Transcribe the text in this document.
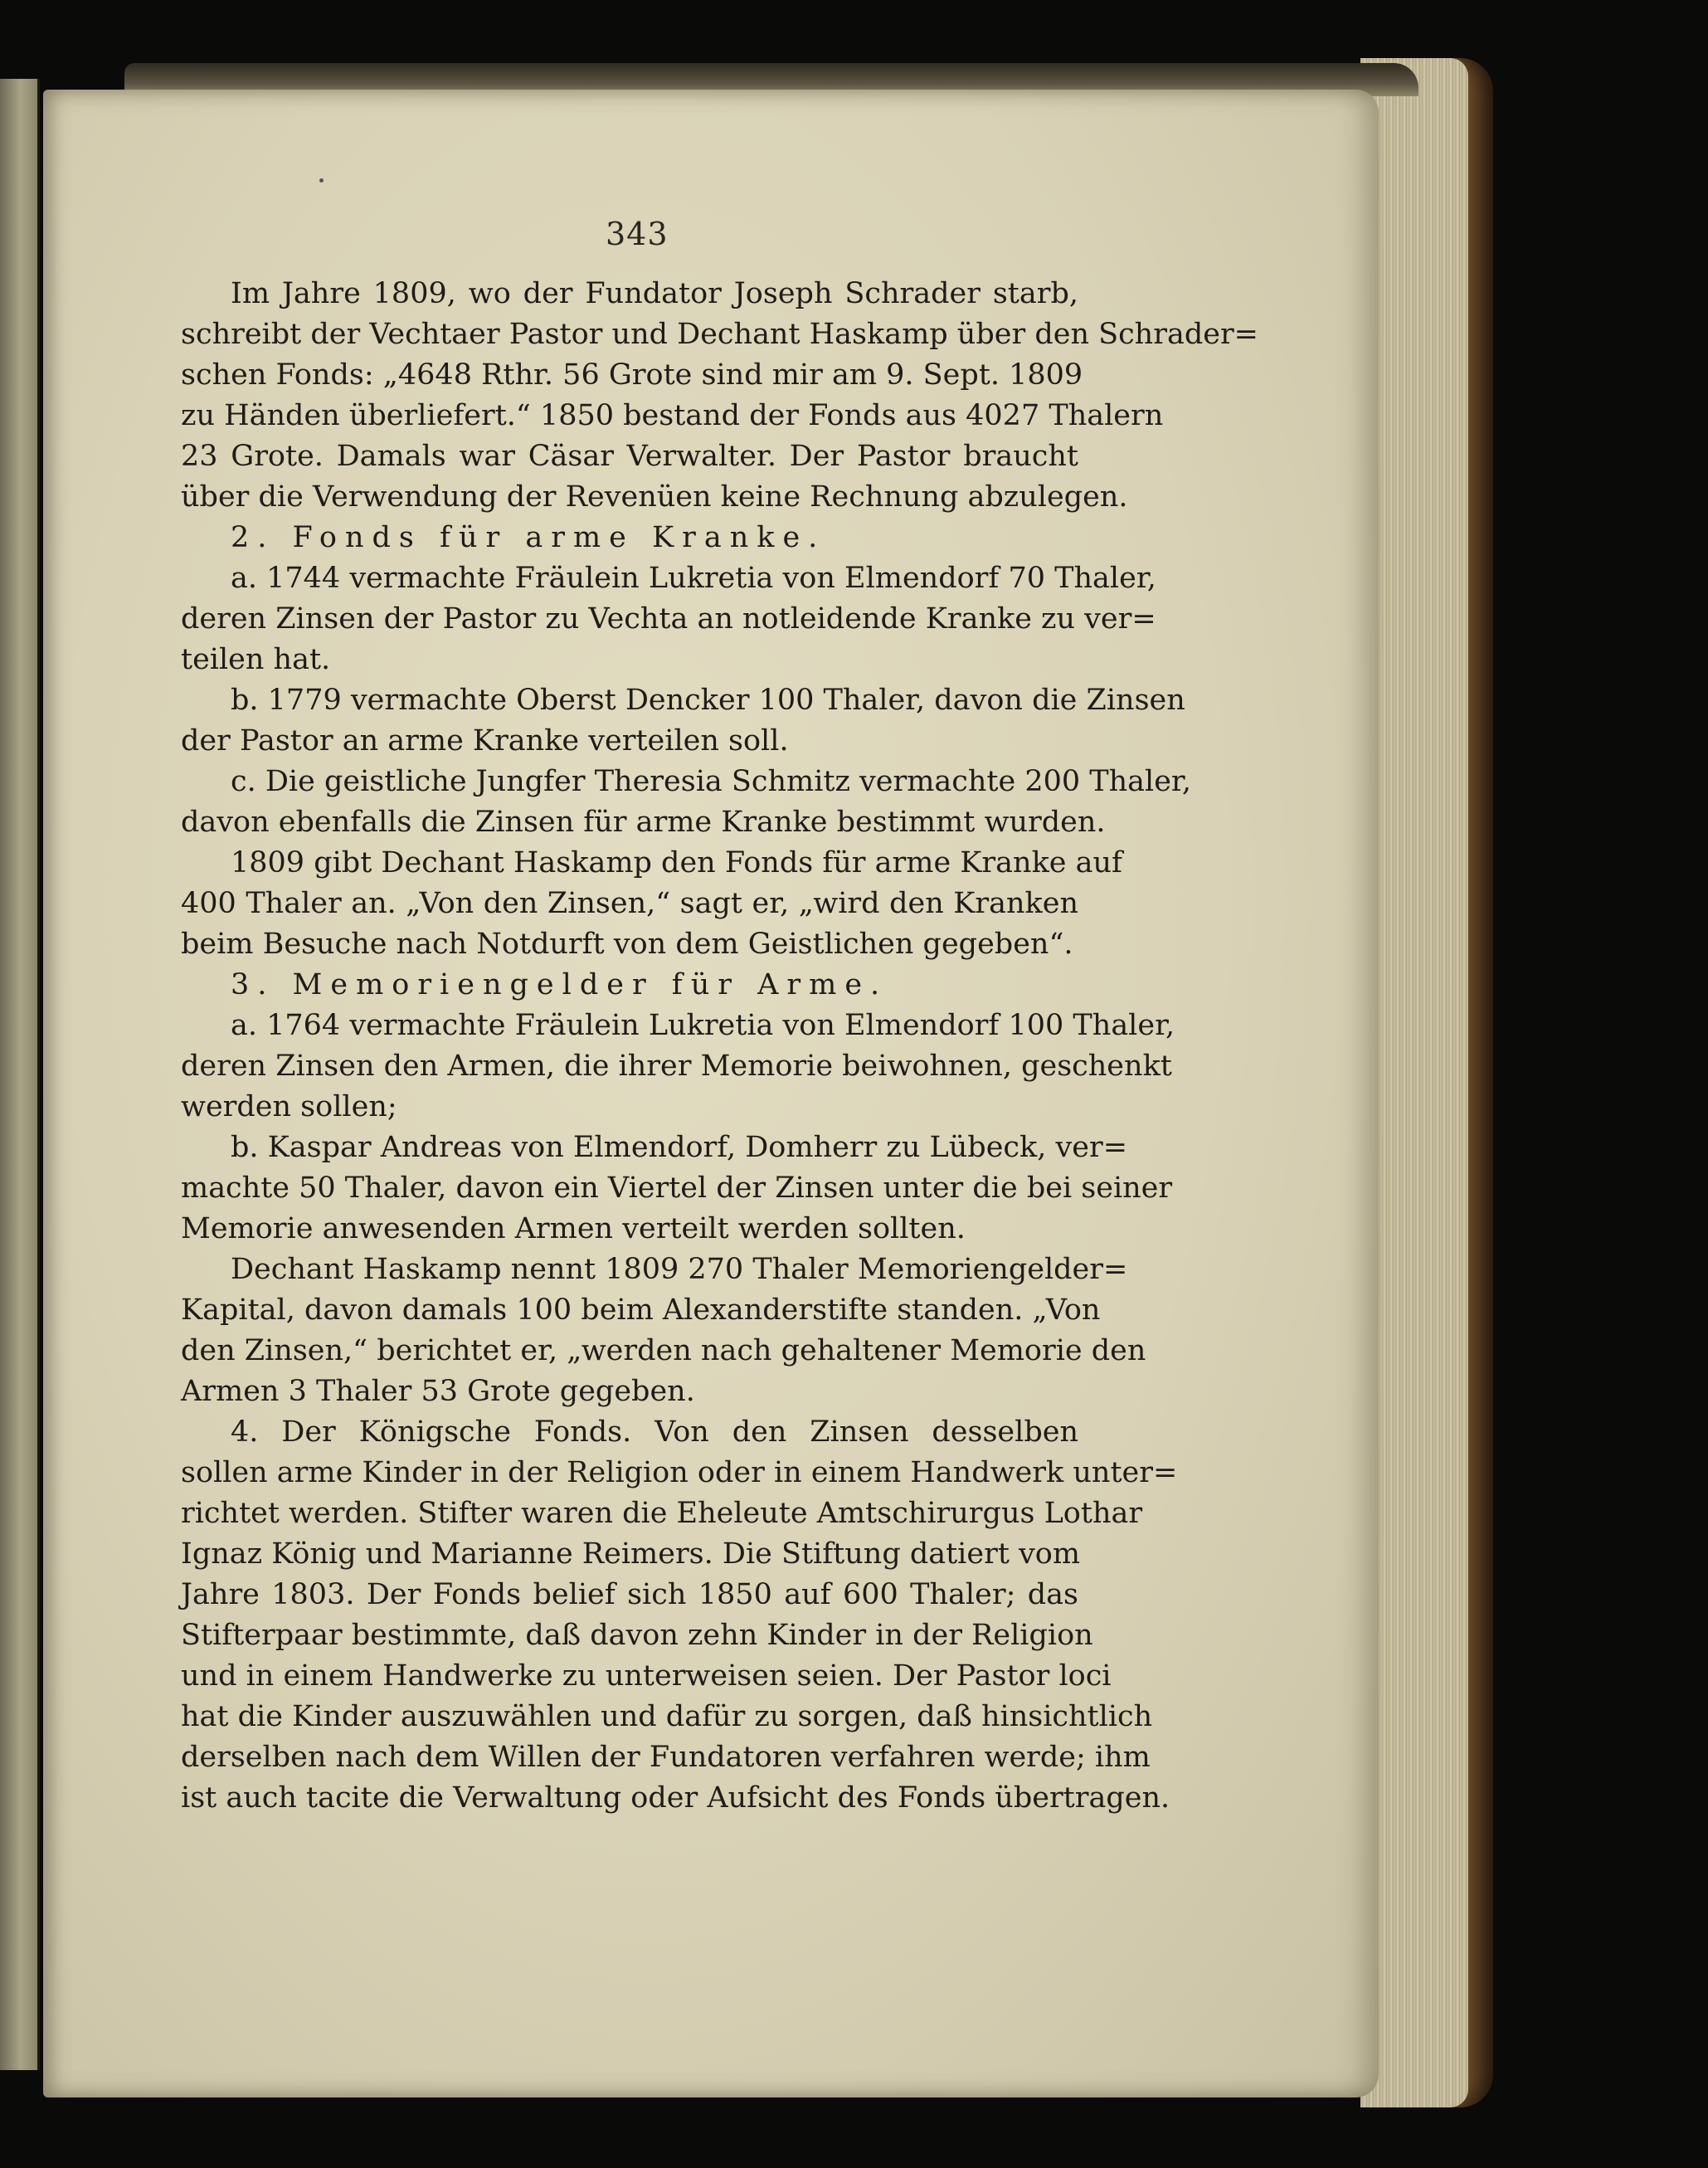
343
Im Jahre 1809, wo der Fundator Joseph Schrader starb,
schreibt der Vechtaer Pastor und Dechant Haskamp über den Schrader=
schen Fonds: „4648 Rthr. 56 Grote sind mir am 9. Sept. 1809
zu Händen überliefert.“ 1850 bestand der Fonds aus 4027 Thalern
23 Grote. Damals war Cäsar Verwalter. Der Pastor braucht
über die Verwendung der Revenüen keine Rechnung abzulegen.
2. Fonds für arme Kranke.
a. 1744 vermachte Fräulein Lukretia von Elmendorf 70 Thaler,
deren Zinsen der Pastor zu Vechta an notleidende Kranke zu ver=
teilen hat.
b. 1779 vermachte Oberst Dencker 100 Thaler, davon die Zinsen
der Pastor an arme Kranke verteilen soll.
c. Die geistliche Jungfer Theresia Schmitz vermachte 200 Thaler,
davon ebenfalls die Zinsen für arme Kranke bestimmt wurden.
1809 gibt Dechant Haskamp den Fonds für arme Kranke auf
400 Thaler an. „Von den Zinsen,“ sagt er, „wird den Kranken
beim Besuche nach Notdurft von dem Geistlichen gegeben“.
3. Memoriengelder für Arme.
a. 1764 vermachte Fräulein Lukretia von Elmendorf 100 Thaler,
deren Zinsen den Armen, die ihrer Memorie beiwohnen, geschenkt
werden sollen;
b. Kaspar Andreas von Elmendorf, Domherr zu Lübeck, ver=
machte 50 Thaler, davon ein Viertel der Zinsen unter die bei seiner
Memorie anwesenden Armen verteilt werden sollten.
Dechant Haskamp nennt 1809 270 Thaler Memoriengelder=
Kapital, davon damals 100 beim Alexanderstifte standen. „Von
den Zinsen,“ berichtet er, „werden nach gehaltener Memorie den
Armen 3 Thaler 53 Grote gegeben.
4. Der Königsche Fonds. Von den Zinsen desselben
sollen arme Kinder in der Religion oder in einem Handwerk unter=
richtet werden. Stifter waren die Eheleute Amtschirurgus Lothar
Ignaz König und Marianne Reimers. Die Stiftung datiert vom
Jahre 1803. Der Fonds belief sich 1850 auf 600 Thaler; das
Stifterpaar bestimmte, daß davon zehn Kinder in der Religion
und in einem Handwerke zu unterweisen seien. Der Pastor loci
hat die Kinder auszuwählen und dafür zu sorgen, daß hinsichtlich
derselben nach dem Willen der Fundatoren verfahren werde; ihm
ist auch tacite die Verwaltung oder Aufsicht des Fonds übertragen.
